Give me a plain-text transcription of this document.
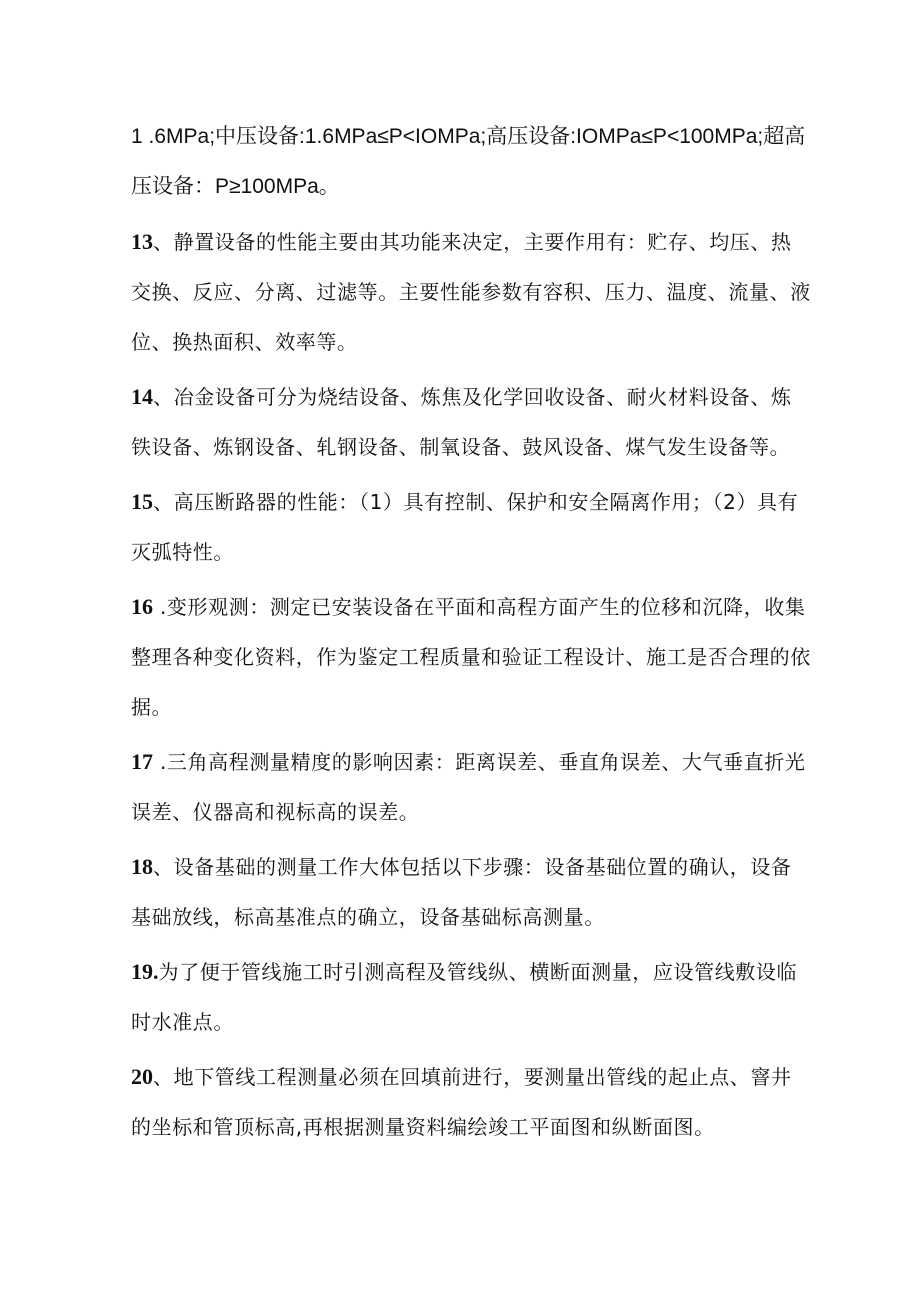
1 .6MPa;中压设备:1.6MPa≤P<IOMPa;高压设备:IOMPa≤P<100MPa;超高压设备：P≥100MPa。

13、静置设备的性能主要由其功能来决定，主要作用有：贮存、均压、热交换、反应、分离、过滤等。主要性能参数有容积、压力、温度、流量、液位、换热面积、效率等。

14、冶金设备可分为烧结设备、炼焦及化学回收设备、耐火材料设备、炼铁设备、炼钢设备、轧钢设备、制氧设备、鼓风设备、煤气发生设备等。

15、高压断路器的性能：（1）具有控制、保护和安全隔离作用；（2）具有灭弧特性。

16 .变形观测：测定已安装设备在平面和高程方面产生的位移和沉降，收集整理各种变化资料，作为鉴定工程质量和验证工程设计、施工是否合理的依据。

17 .三角高程测量精度的影响因素：距离误差、垂直角误差、大气垂直折光误差、仪器高和视标高的误差。

18、设备基础的测量工作大体包括以下步骤：设备基础位置的确认，设备基础放线，标高基准点的确立，设备基础标高测量。

19.为了便于管线施工时引测高程及管线纵、横断面测量，应设管线敷设临时水准点。

20、地下管线工程测量必须在回填前进行，要测量出管线的起止点、窨井的坐标和管顶标高,再根据测量资料编绘竣工平面图和纵断面图。
